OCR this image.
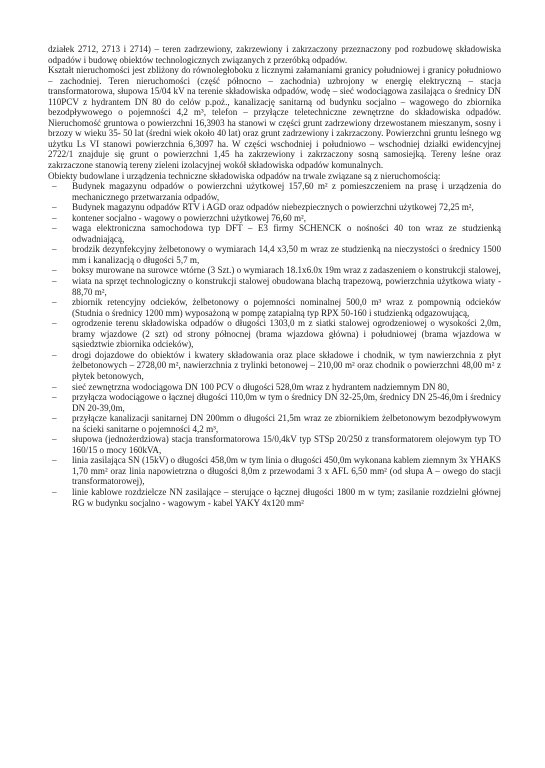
działek 2712, 2713 i 2714) – teren zadrzewiony, zakrzewiony i zakrzaczony przeznaczony pod rozbudowę składowiska odpadów i budowę obiektów technologicznych związanych z przeróbką odpadów.

Kształt nieruchomości jest zbliżony do równoległoboku z licznymi załamaniami granicy południowej i granicy południowo – zachodniej. Teren nieruchomości (część północno – zachodnia) uzbrojony w energię elektryczną – stacja transformatorowa, słupowa 15/04 kV na terenie składowiska odpadów, wodę – sieć wodociągowa zasilająca o średnicy DN 110PCV z hydrantem DN 80 do celów p.poż., kanalizację sanitarną od budynku socjalno – wagowego do zbiornika bezodpływowego o pojemności 4,2 m³, telefon – przyłącze teletechniczne zewnętrzne do składowiska odpadów. Nieruchomość gruntowa o powierzchni 16,3903 ha stanowi w części grunt zadrzewiony drzewostanem mieszanym, sosny i brzozy w wieku 35- 50 lat (średni wiek około 40 lat) oraz grunt zadrzewiony i zakrzaczony. Powierzchni gruntu leśnego wg użytku Ls VI stanowi powierzchnia 6,3097 ha. W części wschodniej i południowo – wschodniej działki ewidencyjnej 2722/1 znajduje się grunt o powierzchni 1,45 ha zakrzewiony i zakrzaczony sosną samosiejką. Tereny leśne oraz zakrzaczone stanowią tereny zieleni izolacyjnej wokół składowiska odpadów komunalnych.

Obiekty budowlane i urządzenia techniczne składowiska odpadów na trwale związane są z nieruchomością:

– Budynek magazynu odpadów o powierzchni użytkowej 157,60 m² z pomieszczeniem na prasę i urządzenia do mechanicznego przetwarzania odpadów,
– Budynek magazynu odpadów RTV i AGD oraz odpadów niebezpiecznych o powierzchni użytkowej 72,25 m²,
– kontener socjalno - wagowy o powierzchni użytkowej 76,60 m²,
– waga elektroniczna samochodowa typ DFT – E3 firmy SCHENCK o nośności 40 ton wraz ze studzienką odwadniającą,
– brodzik dezynfekcyjny żelbetonowy o wymiarach 14,4 x3,50 m wraz ze studzienką na nieczystości o średnicy 1500 mm i kanalizacją o długości 5,7 m,
– boksy murowane na surowce wtórne (3 Szt.) o wymiarach 18.1x6.0x 19m wraz z zadaszeniem o konstrukcji stalowej,
– wiata na sprzęt technologiczny o konstrukcji stalowej obudowana blachą trapezową, powierzchnia użytkowa wiaty - 88,70 m²,
– zbiornik retencyjny odcieków, żelbetonowy o pojemności nominalnej 500,0 m³ wraz z pompownią odcieków (Studnia o średnicy 1200 mm) wyposażoną w pompę zatapialną typ RPX 50-160 i studzienką odgazowującą,
– ogrodzenie terenu składowiska odpadów o długości 1303,0 m z siatki stalowej ogrodzeniowej o wysokości 2,0m, bramy wjazdowe (2 szt) od strony północnej (brama wjazdowa główna) i południowej (brama wjazdowa w sąsiedztwie zbiornika odcieków),
– drogi dojazdowe do obiektów i kwatery składowania oraz place składowe i chodnik, w tym nawierzchnia z płyt żelbetonowych – 2728,00 m², nawierzchnia z trylinki betonowej – 210,00 m² oraz chodnik o powierzchni 48,00 m² z płytek betonowych,
– sieć zewnętrzna wodociągowa DN 100 PCV o długości 528,0m wraz z hydrantem nadziemnym DN 80,
– przyłącza wodociągowe o łącznej długości 110,0m w tym o średnicy DN 32-25,0m, średnicy DN 25-46,0m i średnicy DN 20-39,0m,
– przyłącze kanalizacji sanitarnej DN 200mm o długości 21,5m wraz ze zbiornikiem żelbetonowym bezodpływowym na ścieki sanitarne o pojemności 4,2 m³,
– słupowa (jednożerdziowa) stacja transformatorowa 15/0,4kV typ STSp 20/250 z transformatorem olejowym typ TO 160/15 o mocy 160kVA,
– linia zasilająca SN (15kV) o długości 458,0m w tym linia o długości 450,0m wykonana kablem ziemnym 3x YHAKS 1,70 mm² oraz linia napowietrzna o długości 8,0m z przewodami 3 x AFL 6,50 mm² (od słupa A – owego do stacji transformatorowej),
– linie kablowe rozdzielcze NN zasilające – sterujące o łącznej długości 1800 m w tym; zasilanie rozdzielni głównej RG w budynku socjalno - wagowym - kabel YAKY 4x120 mm²
